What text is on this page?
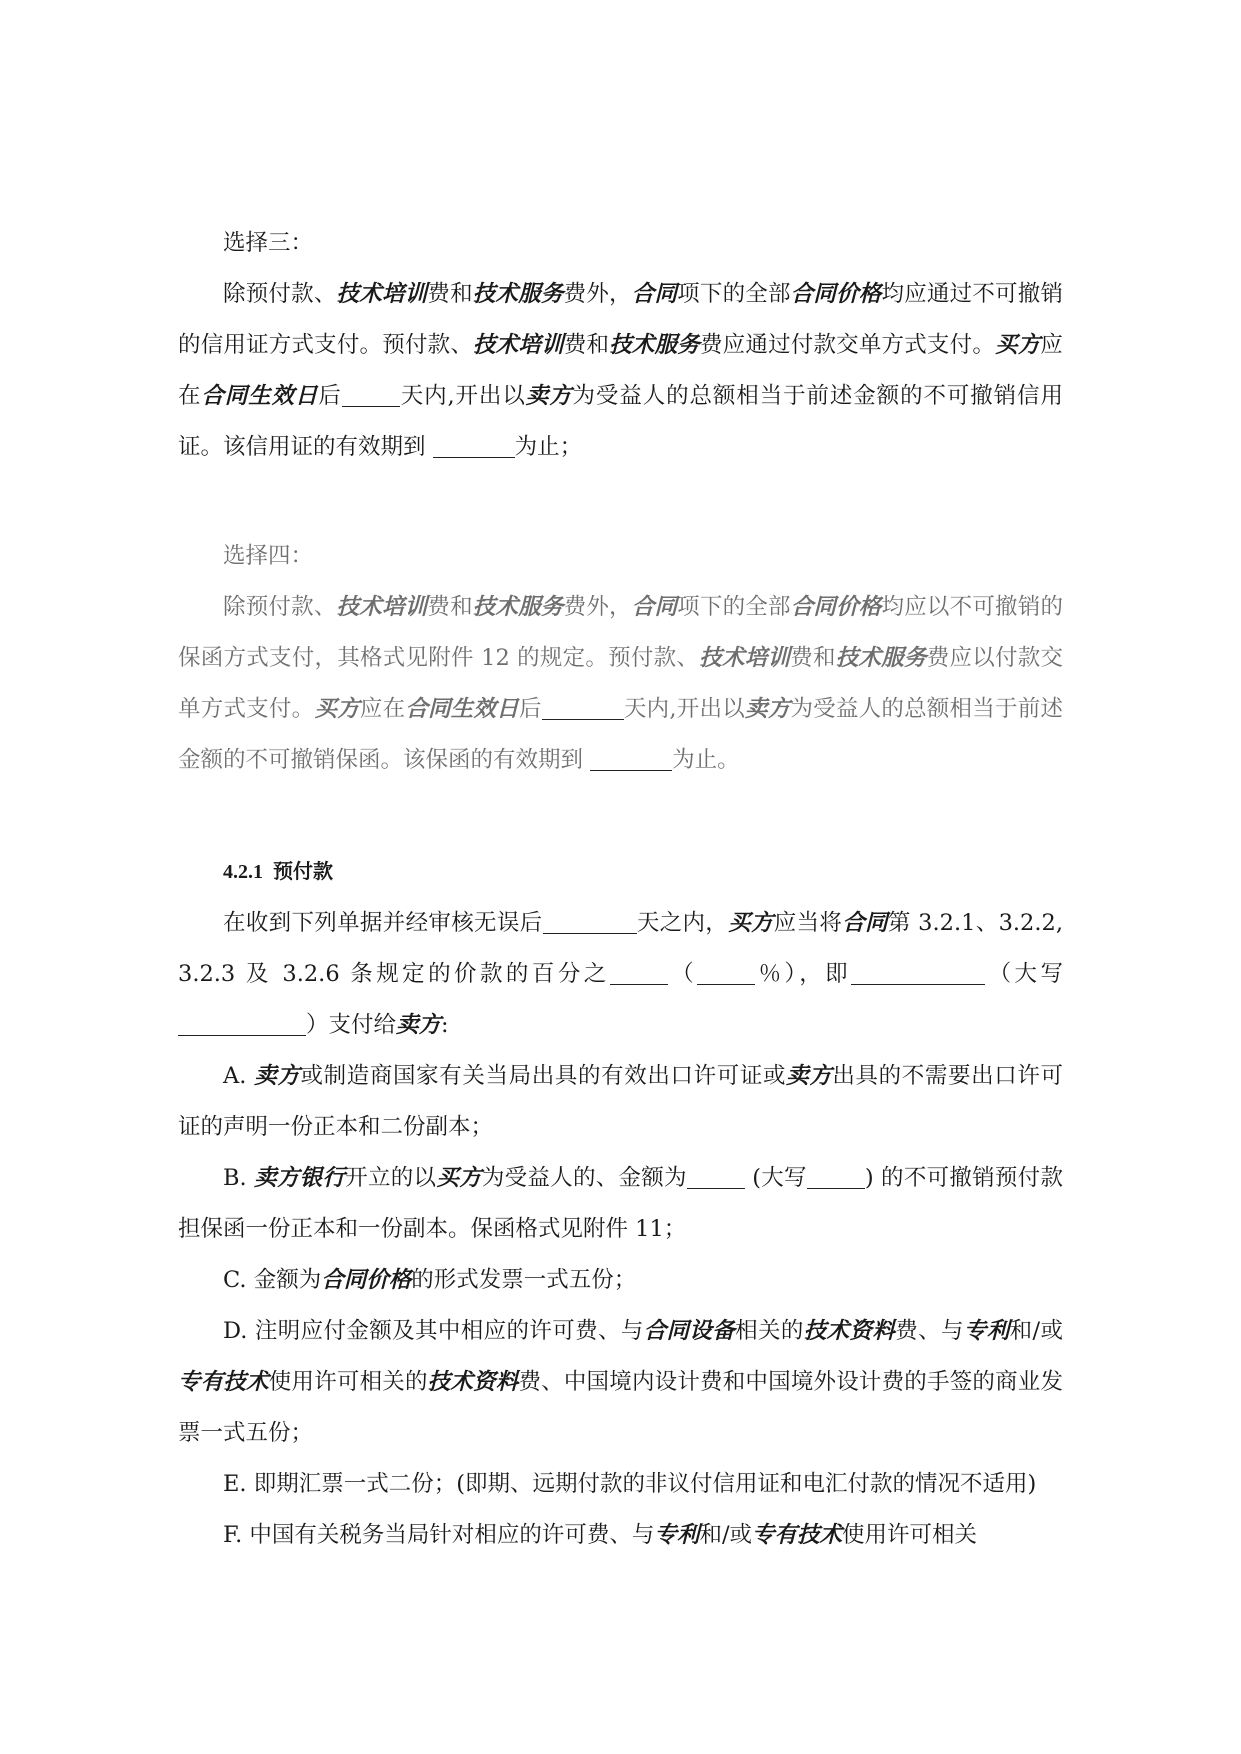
选择三：

除预付款、技术培训费和技术服务费外，合同项下的全部合同价格均应通过不可撤销的信用证方式支付。预付款、技术培训费和技术服务费应通过付款交单方式支付。买方应在合同生效日后	天内,开出以卖方为受益人的总额相当于前述金额的不可撤销信用证。该信用证的有效期到	为止；

选择四：

除预付款、技术培训费和技术服务费外，合同项下的全部合同价格均应以不可撤销的保函方式支付，其格式见附件 12 的规定。预付款、技术培训费和技术服务费应以付款交单方式支付。买方应在合同生效日后	天内,开出以卖方为受益人的总额相当于前述金额的不可撤销保函。该保函的有效期到	为止。

4.2.1 预付款

在收到下列单据并经审核无误后	天之内，买方应当将合同第 3.2.1、3.2.2,3.2.3 及 3.2.6 条规定的价款的百分之	（	％），即	（大写 ）支付给卖方:

A. 卖方或制造商国家有关当局出具的有效出口许可证或卖方出具的不需要出口许可证的声明一份正本和二份副本；

B. 卖方银行开立的以买方为受益人的、金额为	(大写	) 的不可撤销预付款担保函一份正本和一份副本。保函格式见附件 11；

C. 金额为合同价格的形式发票一式五份；

D. 注明应付金额及其中相应的许可费、与合同设备相关的技术资料费、与专利和/或专有技术使用许可相关的技术资料费、中国境内设计费和中国境外设计费的手签的商业发票一式五份；

E. 即期汇票一式二份；(即期、远期付款的非议付信用证和电汇付款的情况不适用)

F. 中国有关税务当局针对相应的许可费、与专利和/或专有技术使用许可相关
